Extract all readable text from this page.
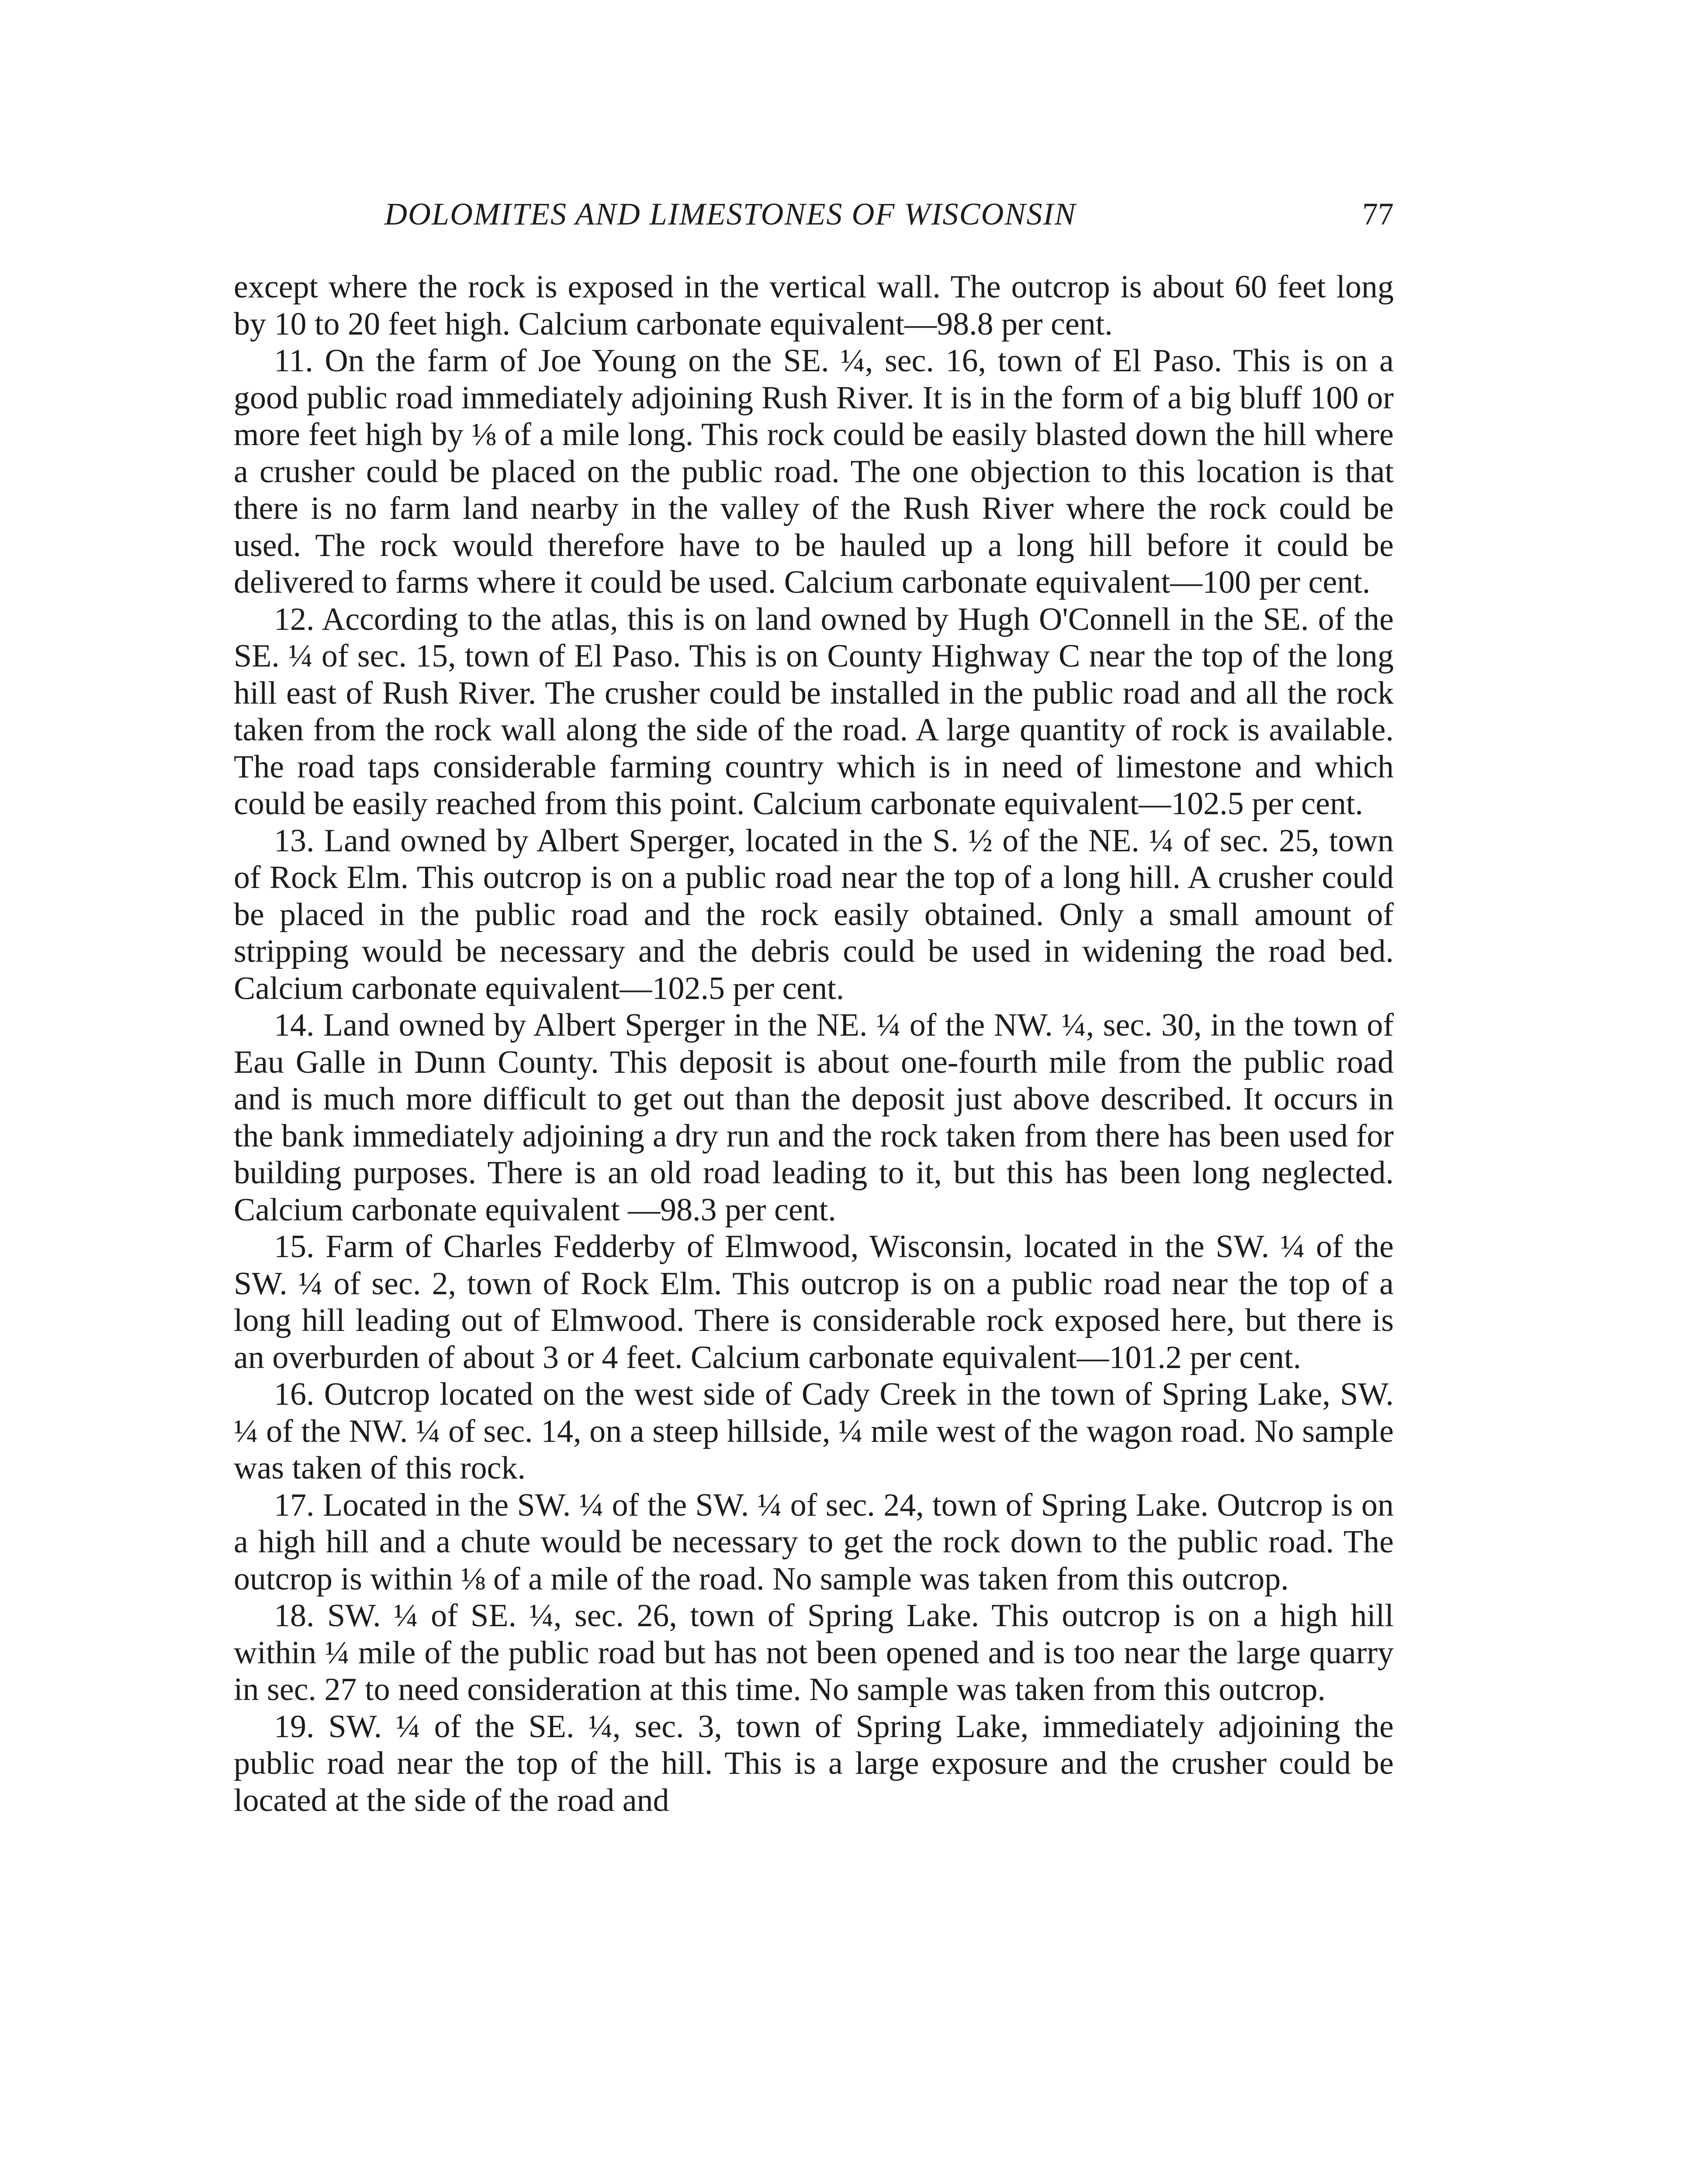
DOLOMITES AND LIMESTONES OF WISCONSIN	77

except where the rock is exposed in the vertical wall. The outcrop is about 60 feet long by 10 to 20 feet high. Calcium carbonate equivalent—98.8 per cent.

11. On the farm of Joe Young on the SE. ¼, sec. 16, town of El Paso. This is on a good public road immediately adjoining Rush River. It is in the form of a big bluff 100 or more feet high by ⅛ of a mile long. This rock could be easily blasted down the hill where a crusher could be placed on the public road. The one objection to this location is that there is no farm land nearby in the valley of the Rush River where the rock could be used. The rock would therefore have to be hauled up a long hill before it could be delivered to farms where it could be used. Calcium carbonate equivalent—100 per cent.

12. According to the atlas, this is on land owned by Hugh O'Connell in the SE. of the SE. ¼ of sec. 15, town of El Paso. This is on County Highway C near the top of the long hill east of Rush River. The crusher could be installed in the public road and all the rock taken from the rock wall along the side of the road. A large quantity of rock is available. The road taps considerable farming country which is in need of limestone and which could be easily reached from this point. Calcium carbonate equivalent—102.5 per cent.

13. Land owned by Albert Sperger, located in the S. ½ of the NE. ¼ of sec. 25, town of Rock Elm. This outcrop is on a public road near the top of a long hill. A crusher could be placed in the public road and the rock easily obtained. Only a small amount of stripping would be necessary and the debris could be used in widening the road bed. Calcium carbonate equivalent—102.5 per cent.

14. Land owned by Albert Sperger in the NE. ¼ of the NW. ¼, sec. 30, in the town of Eau Galle in Dunn County. This deposit is about one-fourth mile from the public road and is much more difficult to get out than the deposit just above described. It occurs in the bank immediately adjoining a dry run and the rock taken from there has been used for building purposes. There is an old road leading to it, but this has been long neglected. Calcium carbonate equivalent —98.3 per cent.

15. Farm of Charles Fedderby of Elmwood, Wisconsin, located in the SW. ¼ of the SW. ¼ of sec. 2, town of Rock Elm. This outcrop is on a public road near the top of a long hill leading out of Elmwood. There is considerable rock exposed here, but there is an overburden of about 3 or 4 feet. Calcium carbonate equivalent—101.2 per cent.

16. Outcrop located on the west side of Cady Creek in the town of Spring Lake, SW. ¼ of the NW. ¼ of sec. 14, on a steep hillside, ¼ mile west of the wagon road. No sample was taken of this rock.

17. Located in the SW. ¼ of the SW. ¼ of sec. 24, town of Spring Lake. Outcrop is on a high hill and a chute would be necessary to get the rock down to the public road. The outcrop is within ⅛ of a mile of the road. No sample was taken from this outcrop.

18. SW. ¼ of SE. ¼, sec. 26, town of Spring Lake. This outcrop is on a high hill within ¼ mile of the public road but has not been opened and is too near the large quarry in sec. 27 to need consideration at this time. No sample was taken from this outcrop.

19. SW. ¼ of the SE. ¼, sec. 3, town of Spring Lake, immediately adjoining the public road near the top of the hill. This is a large exposure and the crusher could be located at the side of the road and
